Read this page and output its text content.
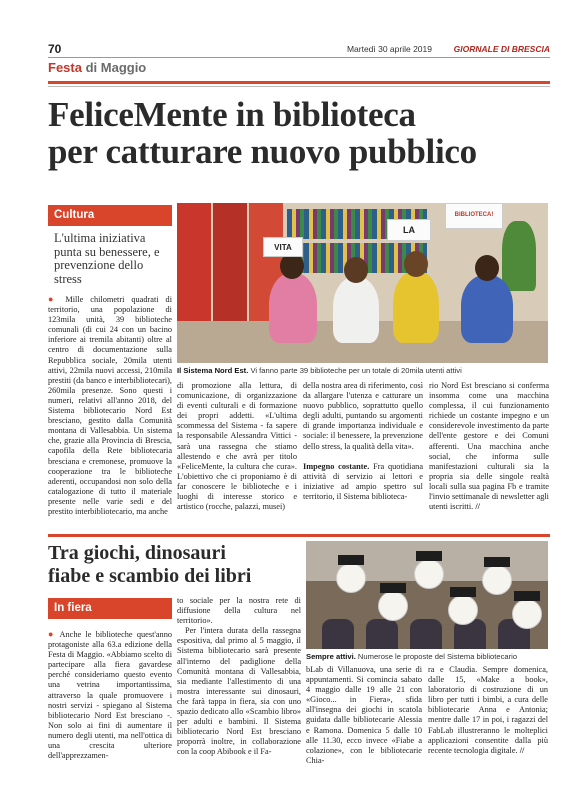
70	Martedì 30 aprile 2019	GIORNALE DI BRESCIA
Festa di Maggio
FeliceMente in biblioteca
per catturare nuovo pubblico
Cultura
L'ultima iniziativa punta su benessere, e prevenzione dello stress
VITA
LA
BIBLIOTECA!
Il Sistema Nord Est. Vi fanno parte 39 biblioteche per un totale di 20mila utenti attivi
● Mille chilometri quadrati di territorio, una popolazione di 123mila unità, 39 biblioteche comunali (di cui 24 con un bacino inferiore ai tremila abitanti) oltre al centro di documentazione sulla Repubblica sociale, 20mila utenti attivi, 22mila nuovi accessi, 210mila prestiti (da banco e interbibliotecari), 260mila presenze. Sono questi i numeri, relativi all'anno 2018, del Sistema bibliotecario Nord Est bresciano, gestito dalla Comunità montana di Vallesabbia. Un sistema che, grazie alla Provincia di Brescia, capofila della Rete bibliotecaria bresciana e cremonese, promuove la cooperazione tra le biblioteche aderenti, occupandosi non solo della catalogazione di tutto il materiale presente nelle varie sedi e del prestito interbibliotecario, ma anche
di promozione alla lettura, di comunicazione, di organizzazione di eventi culturali e di formazione dei propri addetti. «L'ultima scommessa del Sistema - fa sapere la responsabile Alessandra Vittici - sarà una rassegna che stiamo allestendo e che avrà per titolo «FeliceMente, la cultura che cura». L'obiettivo che ci proponiamo è di far conoscere le biblioteche e i luoghi di interesse storico e artistico (rocche, palazzi, musei)
della nostra area di riferimento, così da allargare l'utenza e catturare un nuovo pubblico, soprattutto quello degli adulti, puntando su argomenti di grande importanza individuale e sociale: il benessere, la prevenzione dello stress, la qualità della vita».

Impegno costante. Fra quotidiana attività di servizio ai lettori e iniziative ad ampio spettro sul territorio, il Sistema biblioteca-
rio Nord Est bresciano si conferma insomma come una macchina complessa, il cui funzionamento richiede un costante impegno e un considerevole investimento da parte dell'ente gestore e dei Comuni afferenti. Una macchina anche social, che informa sulle manifestazioni culturali sia la propria sia delle singole realtà locali sulla sua pagina Fb e tramite l'invio settimanale di newsletter agli utenti iscritti. //
Tra giochi, dinosauri
fiabe e scambio dei libri
Sempre attivi. Numerose le proposte del Sistema bibliotecario
In fiera
● Anche le biblioteche quest'anno protagoniste alla 63.a edizione della Festa di Maggio. «Abbiamo scelto di partecipare alla fiera gavardese perché consideriamo questo evento una vetrina importantissima, attraverso la quale promuovere i nostri servizi - spiegano al Sistema bibliotecario Nord Est bresciano -. Non solo ai fini di aumentare il numero degli utenti, ma nell'ottica di una crescita ulteriore dell'apprezzamen-
to sociale per la nostra rete di diffusione della cultura nel territorio».
Per l'intera durata della rassegna espositiva, dal primo al 5 maggio, il Sistema bibliotecario sarà presente all'interno del padiglione della Comunità montana di Vallesabbia, sia mediante l'allestimento di una mostra interessante sui dinosauri, che farà tappa in fiera, sia con uno spazio dedicato allo «Scambio libro» per adulti e bambini. Il Sistema bibliotecario Nord Est bresciano proporrà inoltre, in collaborazione con la coop Abibook e il Fa-
bLab di Villanuova, una serie di appuntamenti. Si comincia sabato 4 maggio dalle 19 alle 21 con «Gioco... in Fiera», sfida all'insegna dei giochi in scatola guidata dalle bibliotecarie Alessia e Ramona. Domenica 5 dalle 10 alle 11.30, ecco invece «Fiabe a colazione», con le bibliotecarie Chia-
ra e Claudia. Sempre domenica, dalle 15, «Make a book», laboratorio di costruzione di un libro per tutti i bimbi, a cura delle bibliotecarie Anna e Antonia; mentre dalle 17 in poi, i ragazzi del FabLab illustreranno le molteplici applicazioni consentite dalla più recente tecnologia digitale. //
